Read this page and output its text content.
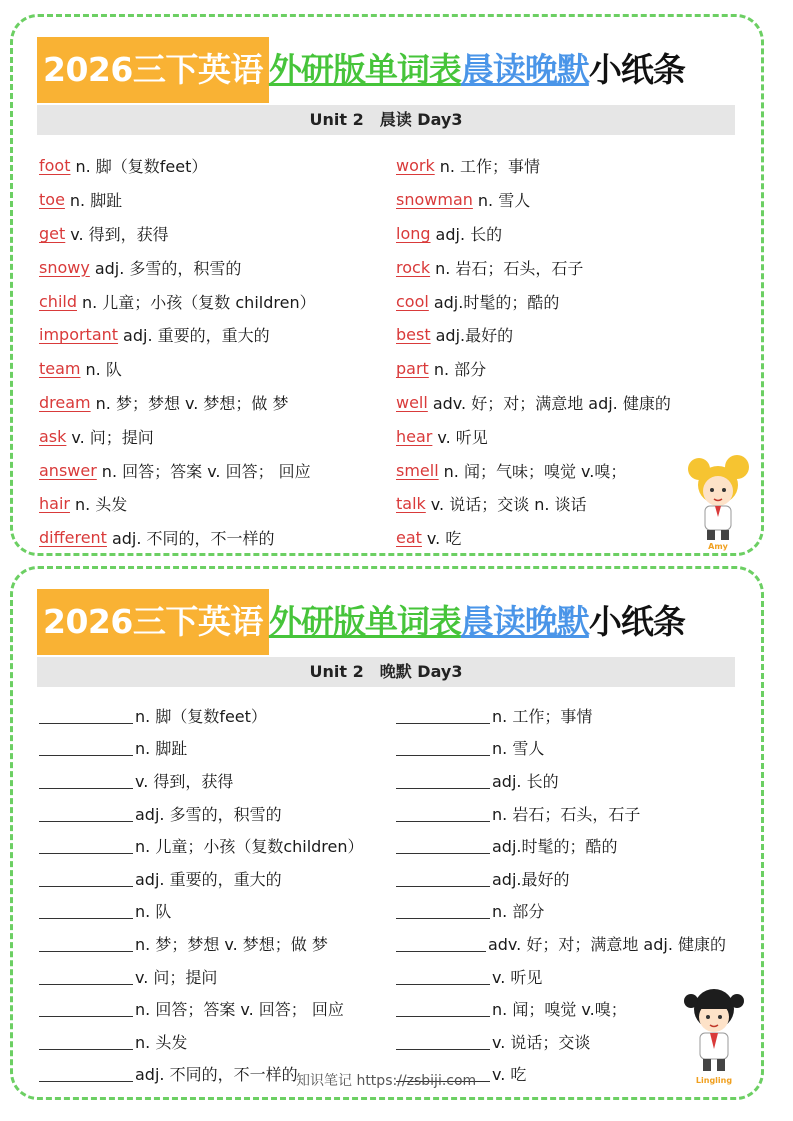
2026三下英语 外研版单词表 晨读晚默 小纸条
Unit 2　晨读 Day3
foot n. 脚（复数feet）
toe n. 脚趾
get v. 得到，获得
snowy adj. 多雪的，积雪的
child n. 儿童；小孩（复数 children）
important adj. 重要的，重大的
team n. 队
dream n. 梦；梦想 v. 梦想；做 梦
ask v. 问；提问
answer n. 回答；答案 v. 回答； 回应
hair n. 头发
different adj. 不同的，不一样的
work n. 工作；事情
snowman n. 雪人
long adj. 长的
rock n. 岩石；石头，石子
cool adj.时髦的；酷的
best adj.最好的
part n. 部分
well adv. 好；对；满意地 adj. 健康的
hear v. 听见
smell n. 闻；气味；嗅觉 v.嗅；
talk v. 说话；交谈 n. 谈话
eat v. 吃	Amy
2026三下英语 外研版单词表 晨读晚默 小纸条
Unit 2　晚默 Day3
n. 脚（复数feet）
n. 脚趾
v. 得到，获得
adj. 多雪的，积雪的
n. 儿童；小孩（复数children）
adj. 重要的，重大的
n. 队
n. 梦；梦想 v. 梦想；做 梦
v. 问；提问
n. 回答；答案 v. 回答； 回应
n. 头发
adj. 不同的，不一样的
n. 工作；事情
n. 雪人
adj. 长的
n. 岩石；石头，石子
adj.时髦的；酷的
adj.最好的
n. 部分
adv. 好；对；满意地 adj. 健康的
v. 听见
n. 闻；嗅觉 v.嗅；
v. 说话；交谈
v. 吃	Lingling
知识笔记 https://zsbiji.com
